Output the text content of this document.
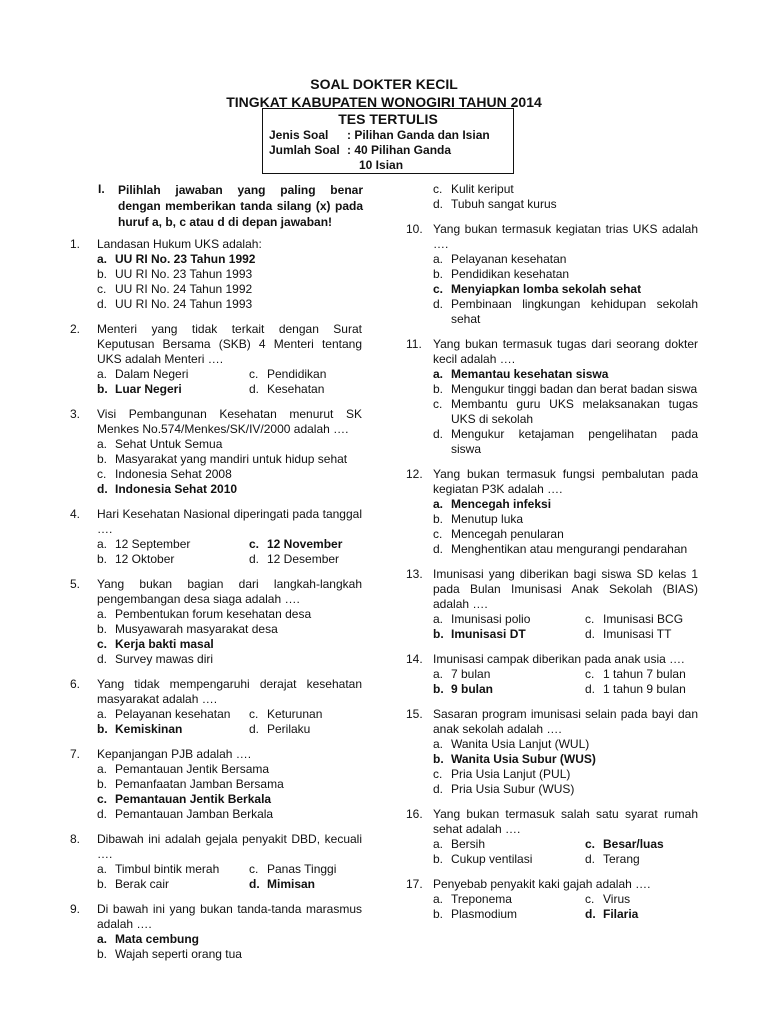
SOAL DOKTER KECIL
TINGKAT KABUPATEN WONOGIRI TAHUN 2014
TES TERTULIS
Jenis Soal : Pilihan Ganda dan Isian
Jumlah Soal : 40 Pilihan Ganda
10 Isian
I. Pilihlah jawaban yang paling benar dengan memberikan tanda silang (x) pada huruf a, b, c atau d di depan jawaban!
1. Landasan Hukum UKS adalah:
a. UU RI No. 23 Tahun 1992
b. UU RI No. 23 Tahun 1993
c. UU RI No. 24 Tahun 1992
d. UU RI No. 24 Tahun 1993
2. Menteri yang tidak terkait dengan Surat Keputusan Bersama (SKB) 4 Menteri tentang UKS adalah Menteri ….
a. Dalam Negeri	c. Pendidikan
b. Luar Negeri	d. Kesehatan
3. Visi Pembangunan Kesehatan menurut SK Menkes No.574/Menkes/SK/IV/2000 adalah ….
a. Sehat Untuk Semua
b. Masyarakat yang mandiri untuk hidup sehat
c. Indonesia Sehat 2008
d. Indonesia Sehat 2010
4. Hari Kesehatan Nasional diperingati pada tanggal ….
a. 12 September	c. 12 November
b. 12 Oktober	d. 12 Desember
5. Yang bukan bagian dari langkah-langkah pengembangan desa siaga adalah ….
a. Pembentukan forum kesehatan desa
b. Musyawarah masyarakat desa
c. Kerja bakti masal
d. Survey mawas diri
6. Yang tidak mempengaruhi derajat kesehatan masyarakat adalah ….
a. Pelayanan kesehatan c. Keturunan
b. Kemiskinan	d. Perilaku
7. Kepanjangan PJB adalah ….
a. Pemantauan Jentik Bersama
b. Pemanfaatan Jamban Bersama
c. Pemantauan Jentik Berkala
d. Pemantauan Jamban Berkala
8. Dibawah ini adalah gejala penyakit DBD, kecuali ….
a. Timbul bintik merah c. Panas Tinggi
b. Berak cair	d. Mimisan
9. Di bawah ini yang bukan tanda-tanda marasmus adalah ….
a. Mata cembung
b. Wajah seperti orang tua
c. Kulit keriput
d. Tubuh sangat kurus
10. Yang bukan termasuk kegiatan trias UKS adalah ….
a. Pelayanan kesehatan
b. Pendidikan kesehatan
c. Menyiapkan lomba sekolah sehat
d. Pembinaan lingkungan kehidupan sekolah sehat
11. Yang bukan termasuk tugas dari seorang dokter kecil adalah ….
a. Memantau kesehatan siswa
b. Mengukur tinggi badan dan berat badan siswa
c. Membantu guru UKS melaksanakan tugas UKS di sekolah
d. Mengukur ketajaman pengelihatan pada siswa
12. Yang bukan termasuk fungsi pembalutan pada kegiatan P3K adalah ….
a. Mencegah infeksi
b. Menutup luka
c. Mencegah penularan
d. Menghentikan atau mengurangi pendarahan
13. Imunisasi yang diberikan bagi siswa SD kelas 1 pada Bulan Imunisasi Anak Sekolah (BIAS) adalah ….
a. Imunisasi polio	c. Imunisasi BCG
b. Imunisasi DT	d. Imunisasi TT
14. Imunisasi campak diberikan pada anak usia ….
a. 7 bulan	c. 1 tahun 7 bulan
b. 9 bulan	d. 1 tahun 9 bulan
15. Sasaran program imunisasi selain pada bayi dan anak sekolah adalah ….
a. Wanita Usia Lanjut (WUL)
b. Wanita Usia Subur (WUS)
c. Pria Usia Lanjut (PUL)
d. Pria Usia Subur (WUS)
16. Yang bukan termasuk salah satu syarat rumah sehat adalah ….
a. Bersih	c. Besar/luas
b. Cukup ventilasi	d. Terang
17. Penyebab penyakit kaki gajah adalah ….
a. Treponema	c. Virus
b. Plasmodium	d. Filaria
